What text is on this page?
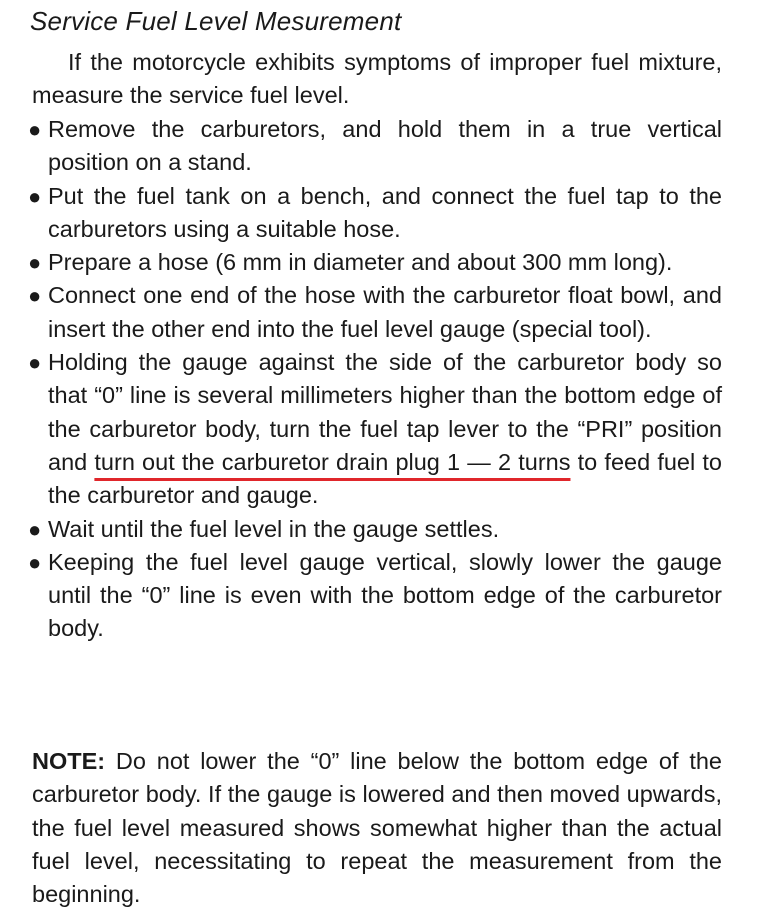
Service Fuel Level Mesurement

If the motorcycle exhibits symptoms of improper fuel mixture, measure the service fuel level.

● Remove the carburetors, and hold them in a true vertical position on a stand.
● Put the fuel tank on a bench, and connect the fuel tap to the carburetors using a suitable hose.
● Prepare a hose (6 mm in diameter and about 300 mm long).
● Connect one end of the hose with the carburetor float bowl, and insert the other end into the fuel level gauge (special tool).
● Holding the gauge against the side of the carburetor body so that “0” line is several millimeters higher than the bottom edge of the carburetor body, turn the fuel tap lever to the “PRI” position and turn out the carburetor drain plug 1 — 2 turns to feed fuel to the carburetor and gauge.
● Wait until the fuel level in the gauge settles.
● Keeping the fuel level gauge vertical, slowly lower the gauge until the “0” line is even with the bottom edge of the carburetor body.

NOTE: Do not lower the “0” line below the bottom edge of the carburetor body. If the gauge is lowered and then moved upwards, the fuel level measured shows somewhat higher than the actual fuel level, necessitating to repeat the measurement from the beginning.
